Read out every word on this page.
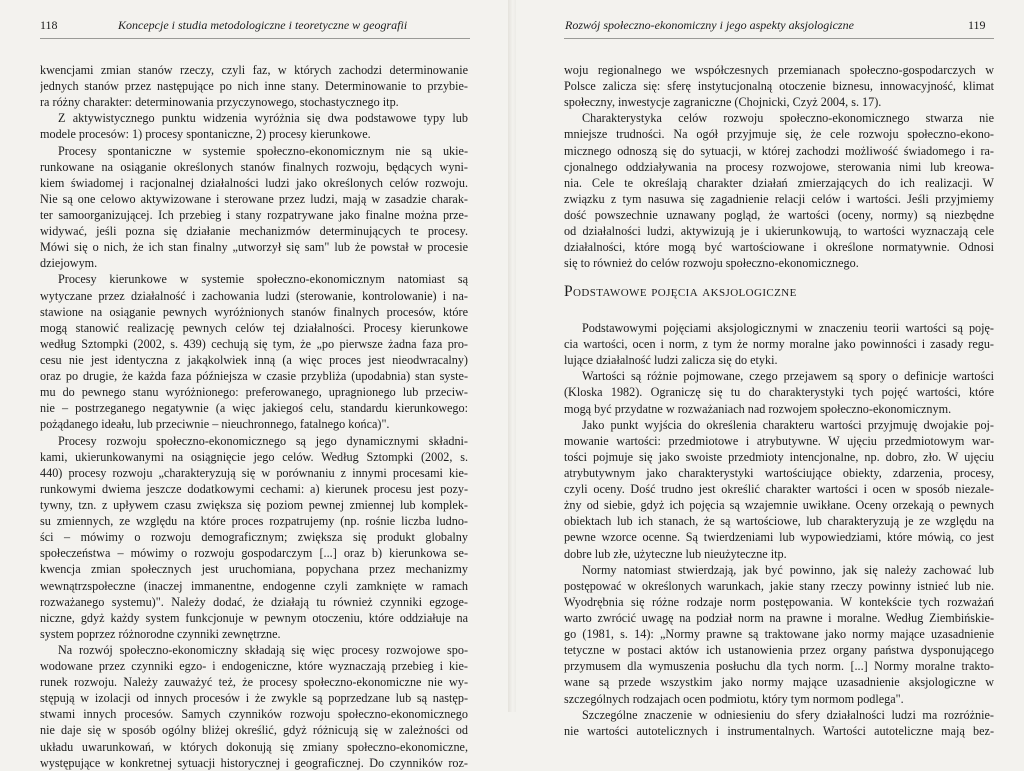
118	Koncepcje i studia metodologiczne i teoretyczne w geografii
kwencjami zmian stanów rzeczy, czyli faz, w których zachodzi determinowanie
jednych stanów przez następujące po nich inne stany. Determinowanie to przybie-
ra różny charakter: determinowania przyczynowego, stochastycznego itp.
Z aktywistycznego punktu widzenia wyróżnia się dwa podstawowe typy lub
modele procesów: 1) procesy spontaniczne, 2) procesy kierunkowe.
Procesy spontaniczne w systemie społeczno-ekonomicznym nie są ukie-
runkowane na osiąganie określonych stanów finalnych rozwoju, będących wyni-
kiem świadomej i racjonalnej działalności ludzi jako określonych celów rozwoju.
Nie są one celowo aktywizowane i sterowane przez ludzi, mają w zasadzie charak-
ter samoorganizującej. Ich przebieg i stany rozpatrywane jako finalne można prze-
widywać, jeśli pozna się działanie mechanizmów determinujących te procesy.
Mówi się o nich, że ich stan finalny „utworzył się sam" lub że powstał w procesie
dziejowym.
Procesy kierunkowe w systemie społeczno-ekonomicznym natomiast są
wytyczane przez działalność i zachowania ludzi (sterowanie, kontrolowanie) i na-
stawione na osiąganie pewnych wyróżnionych stanów finalnych procesów, które
mogą stanowić realizację pewnych celów tej działalności. Procesy kierunkowe
według Sztompki (2002, s. 439) cechują się tym, że „po pierwsze żadna faza pro-
cesu nie jest identyczna z jakąkolwiek inną (a więc proces jest nieodwracalny)
oraz po drugie, że każda faza późniejsza w czasie przybliża (upodabnia) stan syste-
mu do pewnego stanu wyróżnionego: preferowanego, upragnionego lub przeciw-
nie – postrzeganego negatywnie (a więc jakiegoś celu, standardu kierunkowego:
pożądanego ideału, lub przeciwnie – nieuchronnego, fatalnego końca)".
Procesy rozwoju społeczno-ekonomicznego są jego dynamicznymi składni-
kami, ukierunkowanymi na osiągnięcie jego celów. Według Sztompki (2002, s.
440) procesy rozwoju „charakteryzują się w porównaniu z innymi procesami kie-
runkowymi dwiema jeszcze dodatkowymi cechami: a) kierunek procesu jest pozy-
tywny, tzn. z upływem czasu zwiększa się poziom pewnej zmiennej lub komplek-
su zmiennych, ze względu na które proces rozpatrujemy (np. rośnie liczba ludno-
ści – mówimy o rozwoju demograficznym; zwiększa się produkt globalny
społeczeństwa – mówimy o rozwoju gospodarczym [...] oraz b) kierunkowa se-
kwencja zmian społecznych jest uruchomiana, popychana przez mechanizmy
wewnątrzspołeczne (inaczej immanentne, endogenne czyli zamknięte w ramach
rozważanego systemu)". Należy dodać, że działają tu również czynniki egzoge-
niczne, gdyż każdy system funkcjonuje w pewnym otoczeniu, które oddziałuje na
system poprzez różnorodne czynniki zewnętrzne.
Na rozwój społeczno-ekonomiczny składają się więc procesy rozwojowe spo-
wodowane przez czynniki egzo- i endogeniczne, które wyznaczają przebieg i kie-
runek rozwoju. Należy zauważyć też, że procesy społeczno-ekonomiczne nie wy-
stępują w izolacji od innych procesów i że zwykle są poprzedzane lub są następ-
stwami innych procesów. Samych czynników rozwoju społeczno-ekonomicznego
nie daje się w sposób ogólny bliżej określić, gdyż różnicują się w zależności od
układu uwarunkowań, w których dokonują się zmiany społeczno-ekonomiczne,
występujące w konkretnej sytuacji historycznej i geograficznej. Do czynników roz-
Rozwój społeczno-ekonomiczny i jego aspekty aksjologiczne	119
woju regionalnego we współczesnych przemianach społeczno-gospodarczych w
Polsce zalicza się: sferę instytucjonalną otoczenie biznesu, innowacyjność, klimat
społeczny, inwestycje zagraniczne (Chojnicki, Czyż 2004, s. 17).
Charakterystyka celów rozwoju społeczno-ekonomicznego stwarza nie
mniejsze trudności. Na ogół przyjmuje się, że cele rozwoju społeczno-ekono-
micznego odnoszą się do sytuacji, w której zachodzi możliwość świadomego i ra-
cjonalnego oddziaływania na procesy rozwojowe, sterowania nimi lub kreowa-
nia. Cele te określają charakter działań zmierzających do ich realizacji. W
związku z tym nasuwa się zagadnienie relacji celów i wartości. Jeśli przyjmiemy
dość powszechnie uznawany pogląd, że wartości (oceny, normy) są niezbędne
od działalności ludzi, aktywizują je i ukierunkowują, to wartości wyznaczają cele
działalności, które mogą być wartościowane i określone normatywnie. Odnosi
się to również do celów rozwoju społeczno-ekonomicznego.
Podstawowe pojęcia aksjologiczne
Podstawowymi pojęciami aksjologicznymi w znaczeniu teorii wartości są poję-
cia wartości, ocen i norm, z tym że normy moralne jako powinności i zasady regu-
lujące działalność ludzi zalicza się do etyki.
Wartości są różnie pojmowane, czego przejawem są spory o definicje wartości
(Kloska 1982). Ograniczę się tu do charakterystyki tych pojęć wartości, które
mogą być przydatne w rozważaniach nad rozwojem społeczno-ekonomicznym.
Jako punkt wyjścia do określenia charakteru wartości przyjmuję dwojakie poj-
mowanie wartości: przedmiotowe i atrybutywne. W ujęciu przedmiotowym war-
tości pojmuje się jako swoiste przedmioty intencjonalne, np. dobro, zło. W ujęciu
atrybutywnym jako charakterystyki wartościujące obiekty, zdarzenia, procesy,
czyli oceny. Dość trudno jest określić charakter wartości i ocen w sposób niezale-
żny od siebie, gdyż ich pojęcia są wzajemnie uwikłane. Oceny orzekają o pewnych
obiektach lub ich stanach, że są wartościowe, lub charakteryzują je ze względu na
pewne wzorce ocenne. Są twierdzeniami lub wypowiedziami, które mówią, co jest
dobre lub złe, użyteczne lub nieużyteczne itp.
Normy natomiast stwierdzają, jak być powinno, jak się należy zachować lub
postępować w określonych warunkach, jakie stany rzeczy powinny istnieć lub nie.
Wyodrębnia się różne rodzaje norm postępowania. W kontekście tych rozważań
warto zwrócić uwagę na podział norm na prawne i moralne. Według Ziembińskie-
go (1981, s. 14): „Normy prawne są traktowane jako normy mające uzasadnienie
tetyczne w postaci aktów ich ustanowienia przez organy państwa dysponującego
przymusem dla wymuszenia posłuchu dla tych norm. [...] Normy moralne trakto-
wane są przede wszystkim jako normy mające uzasadnienie aksjologiczne w
szczególnych rodzajach ocen podmiotu, który tym normom podlega".
Szczególne znaczenie w odniesieniu do sfery działalności ludzi ma rozróżnie-
nie wartości autotelicznych i instrumentalnych. Wartości autoteliczne mają bez-
